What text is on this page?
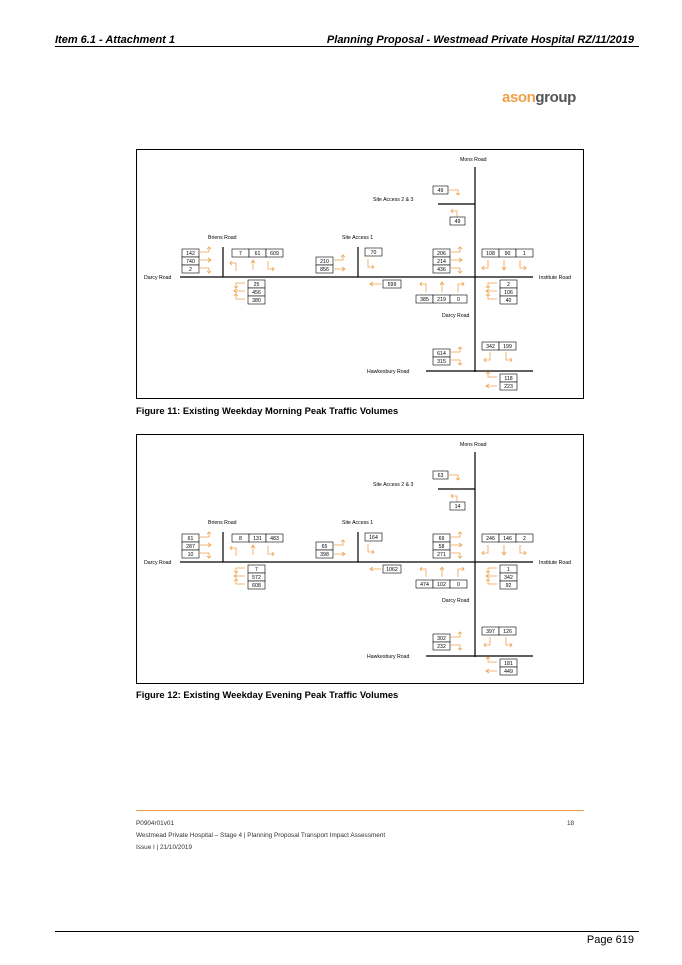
Item 6.1 - Attachment 1	Planning Proposal - Westmead Private Hospital RZ/11/2019
asongroup
Mons Road
Site Access 2 & 3
Briens Road	Site Access 1
Darcy Road	Institute Road
Darcy Road
Hawkesbury Road
49
49
142
740
2
7 61 609
25
456
380
210
856
70
599
206
214
436
385 219 0
108 90 1
2
106
40
614
315
342 199
118
223
Figure 11: Existing Weekday Morning Peak Traffic Volumes
Mons Road
Site Access 2 & 3
Briens Road	Site Access 1
Darcy Road	Institute Road
Darcy Road
Hawkesbury Road
63
14
61
287
10
8 131 483
7
572
608
65
398
164
1062
69
58
271
474 102 0
246 146 2
1
342
92
302
232
397 126
181
449
Figure 12: Existing Weekday Evening Peak Traffic Volumes
P0904r01v01	18
Westmead Private Hospital – Stage 4 | Planning Proposal Transport Impact Assessment
Issue I | 21/10/2019
Page 619
